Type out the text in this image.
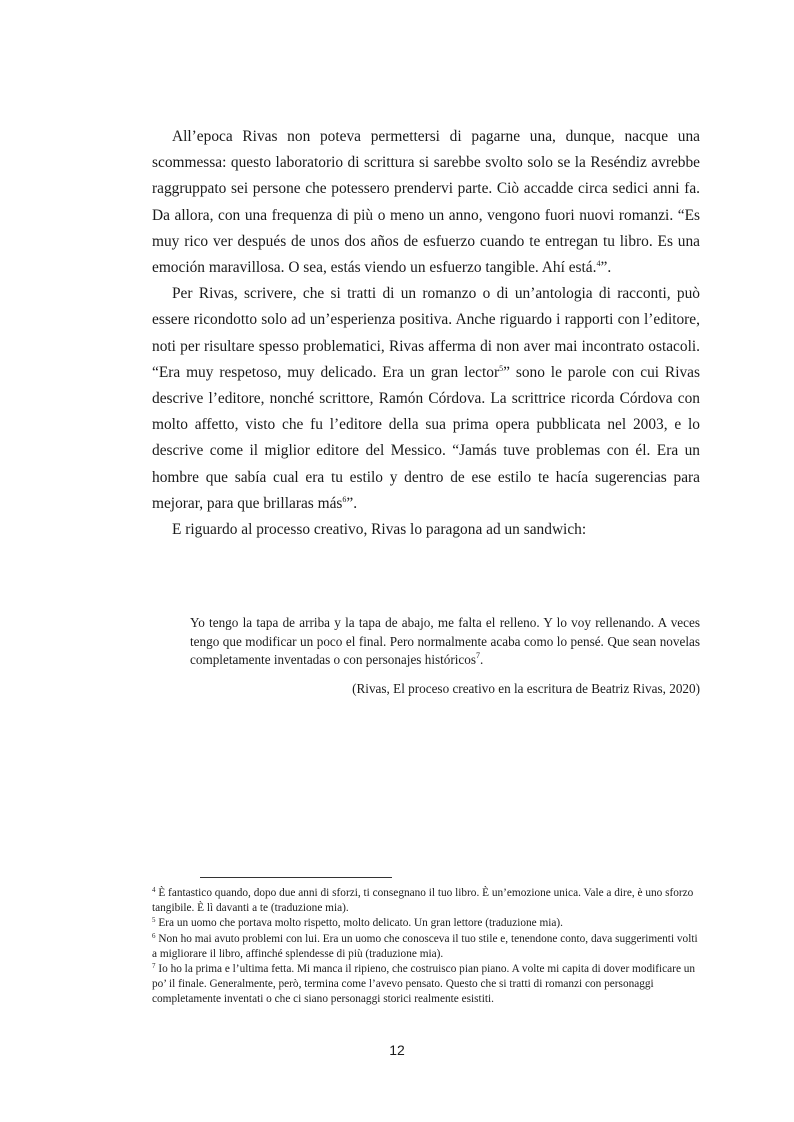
All’epoca Rivas non poteva permettersi di pagarne una, dunque, nacque una scommessa: questo laboratorio di scrittura si sarebbe svolto solo se la Reséndiz avrebbe raggruppato sei persone che potessero prendervi parte. Ciò accadde circa sedici anni fa. Da allora, con una frequenza di più o meno un anno, vengono fuori nuovi romanzi. “Es muy rico ver después de unos dos años de esfuerzo cuando te entregan tu libro. Es una emoción maravillosa. O sea, estás viendo un esfuerzo tangible. Ahí está.$^4$”.

Per Rivas, scrivere, che si tratti di un romanzo o di un’antologia di racconti, può essere ricondotto solo ad un’esperienza positiva. Anche riguardo i rapporti con l’editore, noti per risultare spesso problematici, Rivas afferma di non aver mai incontrato ostacoli. “Era muy respetoso, muy delicado. Era un gran lector$^5$” sono le parole con cui Rivas descrive l’editore, nonché scrittore, Ramón Córdova. La scrittrice ricorda Córdova con molto affetto, visto che fu l’editore della sua prima opera pubblicata nel 2003, e lo descrive come il miglior editore del Messico. “Jamás tuve problemas con él. Era un hombre que sabía cual era tu estilo y dentro de ese estilo te hacía sugerencias para mejorar, para que brillaras más$^6$”.

E riguardo al processo creativo, Rivas lo paragona ad un sandwich:

Yo tengo la tapa de arriba y la tapa de abajo, me falta el relleno. Y lo voy rellenando. A veces tengo que modificar un poco el final. Pero normalmente acaba como lo pensé. Que sean novelas completamente inventadas o con personajes históricos$^7$.

(Rivas, El proceso creativo en la escritura de Beatriz Rivas, 2020)

$^4$ È fantastico quando, dopo due anni di sforzi, ti consegnano il tuo libro. È un’emozione unica. Vale a dire, è uno sforzo tangibile. È lì davanti a te (traduzione mia).

$^5$ Era un uomo che portava molto rispetto, molto delicato. Un gran lettore (traduzione mia).

$^6$ Non ho mai avuto problemi con lui. Era un uomo che conosceva il tuo stile e, tenendone conto, dava suggerimenti volti a migliorare il libro, affinché splendesse di più (traduzione mia).

$^7$ Io ho la prima e l’ultima fetta. Mi manca il ripieno, che costruisco pian piano. A volte mi capita di dover modificare un po’ il finale. Generalmente, però, termina come l’avevo pensato. Questo che si tratti di romanzi con personaggi completamente inventati o che ci siano personaggi storici realmente esistiti.

12
